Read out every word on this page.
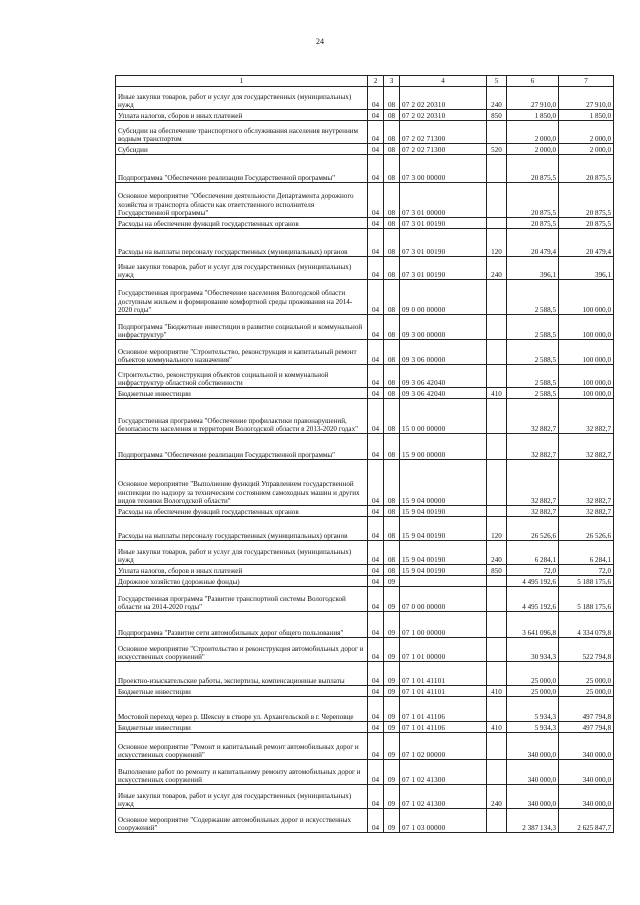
24
1	2	3	4	5	6	7
Иные закупки товаров, работ и услуг для государственных (муниципальных) нужд	04	08	07 2 02 20310	240	27 910,0	27 910,0
Уплата налогов, сборов и иных платежей	04	08	07 2 02 20310	850	1 850,0	1 850,0
Субсидии на обеспечение транспортного обслуживания населения внутренним водным транспортом	04	08	07 2 02 71300		2 000,0	2 000,0
Субсидии	04	08	07 2 02 71300	520	2 000,0	2 000,0
Подпрограмма "Обеспечение реализации Государственной программы"	04	08	07 3 00 00000		20 875,5	20 875,5
Основное мероприятие "Обеспечение деятельности Департамента дорожного хозяйства и транспорта области как ответственного исполнителя Государственной программы"	04	08	07 3 01 00000		20 875,5	20 875,5
Расходы на обеспечение функций государственных органов	04	08	07 3 01 00190		20 875,5	20 875,5
Расходы на выплаты персоналу государственных (муниципальных) органов	04	08	07 3 01 00190	120	20 479,4	20 479,4
Иные закупки товаров, работ и услуг для государственных (муниципальных) нужд	04	08	07 3 01 00190	240	396,1	396,1
Государственная программа "Обеспечение населения Вологодской области доступным жильем и формирование комфортной среды проживания на 2014-2020 годы"	04	08	09 0 00 00000		2 588,5	100 000,0
Подпрограмма "Бюджетные инвестиции в развитие социальной и коммунальной инфраструктур"	04	08	09 3 00 00000		2 588,5	100 000,0
Основное мероприятие "Строительство, реконструкция и капитальный ремонт объектов коммунального назначения"	04	08	09 3 06 00000		2 588,5	100 000,0
Строительство, реконструкция объектов социальной и коммунальной инфраструктур областной собственности	04	08	09 3 06 42040		2 588,5	100 000,0
Бюджетные инвестиции	04	08	09 3 06 42040	410	2 588,5	100 000,0
Государственная программа "Обеспечение профилактики правонарушений, безопасности населения и территории Вологодской области в 2013-2020 годах"	04	08	15 0 00 00000		32 882,7	32 882,7
Подпрограмма "Обеспечение реализации Государственной программы"	04	08	15 9 00 00000		32 882,7	32 882,7
Основное мероприятие "Выполнение функций Управлением государственной инспекции по надзору за техническим состоянием самоходных машин и других видов техники Вологодской области"	04	08	15 9 04 00000		32 882,7	32 882,7
Расходы на обеспечение функций государственных органов	04	08	15 9 04 00190		32 882,7	32 882,7
Расходы на выплаты персоналу государственных (муниципальных) органов	04	08	15 9 04 00190	120	26 526,6	26 526,6
Иные закупки товаров, работ и услуг для государственных (муниципальных) нужд	04	08	15 9 04 00190	240	6 284,1	6 284,1
Уплата налогов, сборов и иных платежей	04	08	15 9 04 00190	850	72,0	72,0
Дорожное хозяйство (дорожные фонды)	04	09			4 495 192,6	5 188 175,6
Государственная программа "Развитие транспортной системы Вологодской области на 2014-2020 годы"	04	09	07 0 00 00000		4 495 192,6	5 188 175,6
Подпрограмма "Развитие сети автомобильных дорог общего пользования"	04	09	07 1 00 00000		3 641 096,8	4 334 079,8
Основное мероприятие "Строительство и реконструкция автомобильных дорог и искусственных сооружений"	04	09	07 1 01 00000		30 934,3	522 794,8
Проектно-изыскательские работы, экспертизы, компенсационные выплаты	04	09	07 1 01 41101		25 000,0	25 000,0
Бюджетные инвестиции	04	09	07 1 01 41101	410	25 000,0	25 000,0
Мостовой переход через р. Шексну в створе ул. Архангельской в г. Череповце	04	09	07 1 01 41106		5 934,3	497 794,8
Бюджетные инвестиции	04	09	07 1 01 41106	410	5 934,3	497 794,8
Основное мероприятие "Ремонт и капитальный ремонт автомобильных дорог и искусственных сооружений"	04	09	07 1 02 00000		340 000,0	340 000,0
Выполнение работ по ремонту и капитальному ремонту автомобильных дорог и искусственных сооружений	04	09	07 1 02 41300		340 000,0	340 000,0
Иные закупки товаров, работ и услуг для государственных (муниципальных) нужд	04	09	07 1 02 41300	240	340 000,0	340 000,0
Основное мероприятие "Содержание автомобильных дорог и искусственных сооружений"	04	09	07 1 03 00000		2 387 134,3	2 625 847,7
